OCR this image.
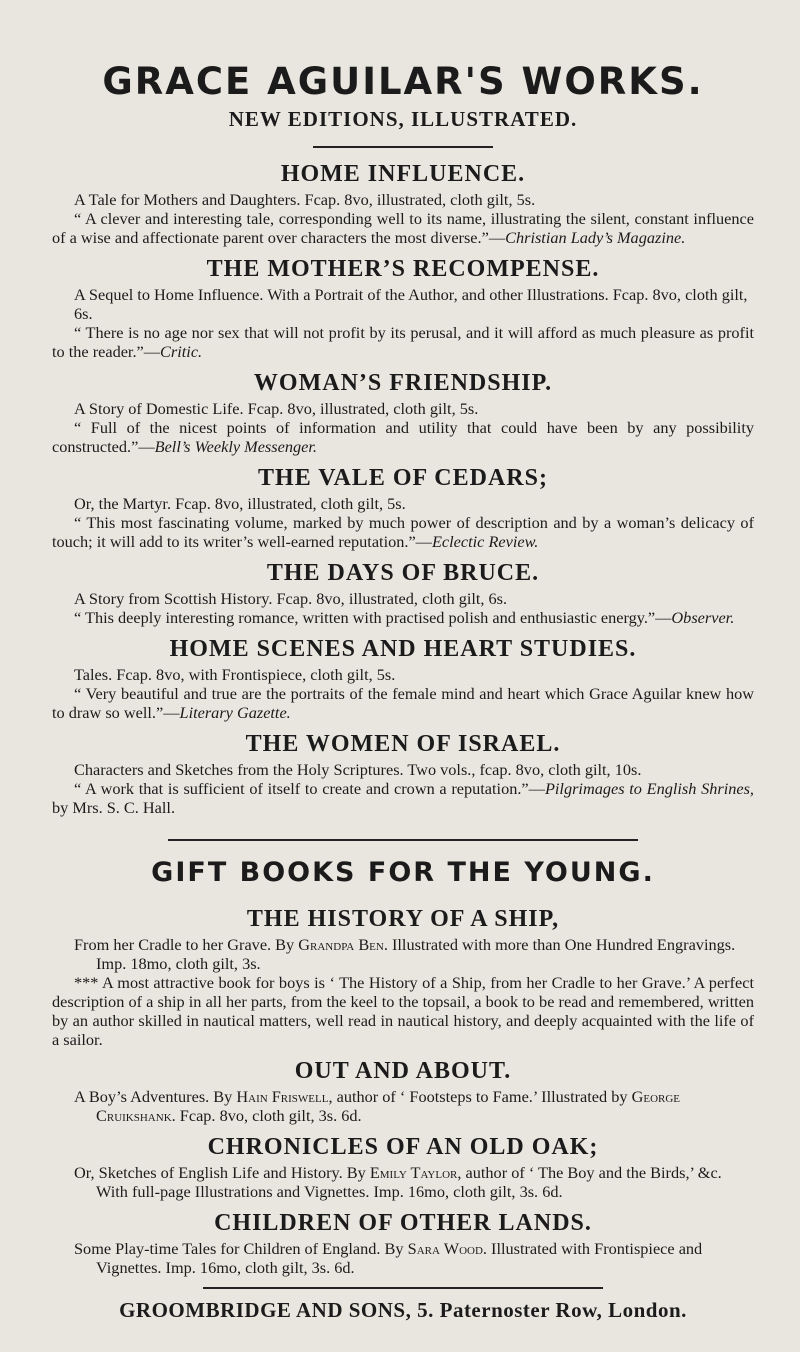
GRACE AGUILAR'S WORKS.
NEW EDITIONS, ILLUSTRATED.
HOME INFLUENCE.

A Tale for Mothers and Daughters. Fcap. 8vo, illustrated, cloth gilt, 5s.

“ A clever and interesting tale, corresponding well to its name, illustrating the silent, constant influence of a wise and affectionate parent over characters the most diverse.”—Christian Lady’s Magazine.

THE MOTHER’S RECOMPENSE.

A Sequel to Home Influence. With a Portrait of the Author, and other Illustrations. Fcap. 8vo, cloth gilt, 6s.

“ There is no age nor sex that will not profit by its perusal, and it will afford as much pleasure as profit to the reader.”—Critic.

WOMAN’S FRIENDSHIP.

A Story of Domestic Life. Fcap. 8vo, illustrated, cloth gilt, 5s.

“ Full of the nicest points of information and utility that could have been by any possibility constructed.”—Bell’s Weekly Messenger.

THE VALE OF CEDARS;

Or, the Martyr. Fcap. 8vo, illustrated, cloth gilt, 5s.

“ This most fascinating volume, marked by much power of description and by a woman’s delicacy of touch; it will add to its writer’s well-earned reputation.”—Eclectic Review.

THE DAYS OF BRUCE.

A Story from Scottish History. Fcap. 8vo, illustrated, cloth gilt, 6s.

“ This deeply interesting romance, written with practised polish and enthusiastic energy.”—Observer.

HOME SCENES AND HEART STUDIES.

Tales. Fcap. 8vo, with Frontispiece, cloth gilt, 5s.

“ Very beautiful and true are the portraits of the female mind and heart which Grace Aguilar knew how to draw so well.”—Literary Gazette.

THE WOMEN OF ISRAEL.

Characters and Sketches from the Holy Scriptures. Two vols., fcap. 8vo, cloth gilt, 10s.

“ A work that is sufficient of itself to create and crown a reputation.”—Pilgrimages to English Shrines, by Mrs. S. C. Hall.

GIFT BOOKS FOR THE YOUNG.
THE HISTORY OF A SHIP,

From her Cradle to her Grave. By Grandpa Ben. Illustrated with more than One Hundred Engravings. Imp. 18mo, cloth gilt, 3s.

*** A most attractive book for boys is ‘ The History of a Ship, from her Cradle to her Grave.’ A perfect description of a ship in all her parts, from the keel to the topsail, a book to be read and remembered, written by an author skilled in nautical matters, well read in nautical history, and deeply acquainted with the life of a sailor.

OUT AND ABOUT.

A Boy’s Adventures. By Hain Friswell, author of ‘ Footsteps to Fame.’ Illustrated by George Cruikshank. Fcap. 8vo, cloth gilt, 3s. 6d.

CHRONICLES OF AN OLD OAK;

Or, Sketches of English Life and History. By Emily Taylor, author of ‘ The Boy and the Birds,’ &c. With full-page Illustrations and Vignettes. Imp. 16mo, cloth gilt, 3s. 6d.

CHILDREN OF OTHER LANDS.

Some Play-time Tales for Children of England. By Sara Wood. Illustrated with Frontispiece and Vignettes. Imp. 16mo, cloth gilt, 3s. 6d.

GROOMBRIDGE AND SONS, 5. Paternoster Row, London.
